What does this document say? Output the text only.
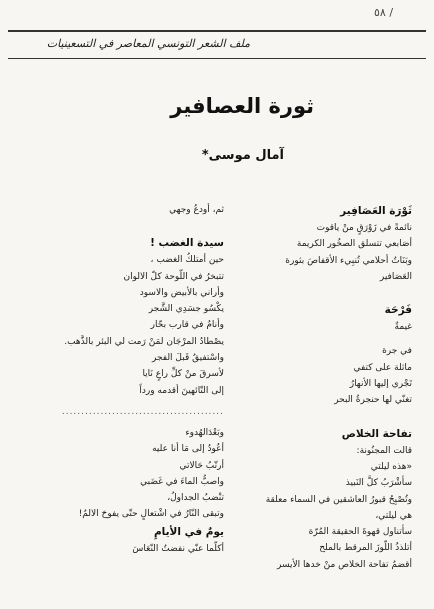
/ ٥٨
ملف الشعر التونسي المعاصر في التسعينيات
ثورة العصافير
آمال موسى*
ثَوْرَة العَصَافِير
نائمةً في زَوْرَقٍ منْ ياقوت
أصَابعي تتسلق الصخُور الكريمة
وبَنَاتُ أحلامي تُنبِيء الأقفاصَ بثورة
العَصَافير
فَرْحَة
غيمةٌ
في جرة
ماثلة على كتفي
تَجْري إليها الأنهارُ
تغنّي لها حنجرةُ البحر
تفاحة الخلاص
قالت المجنُونة:
«هذه ليلتي
سأشْرَبُ كلَّ النَبيذ
وتُصْبِحُ قبورُ العاشقين في السماء معلقة
هي ليلتي،
سأتناول قهوةَ الحقيقة المُرّة
أتلذذُ اللّوزَ المرقط بالملح
أقضمُ تفاحة الخلاص منْ خدها الأيسر
ثم، أودعُ وجهي
سيدة الغضب !
حين أمتلكُ الغضب ،
تتبخرُ في اللّوحة كلّ الالوان
وأراني بالأبيض والاسود
يكْسُو جسَدِي الشَّجر
وأنامُ في قارب بحّار
يصْطادُ المرْجَان لمَنْ رَمت لي البئر بالذَّهب.
واسْتفيقُ قَبلَ الفجر
لأسرقَ منْ كلِّ راعٍ نَايا
إلى التّائهينَ أقدمه ورداً
..........................................
وبَعْدَالهُدوء
أعُودُ إلى مَا أنا عليه
أرتّبُ حَالاتي
واصبُّ الماءَ في غَضَبي
تنْضبُ الجداولُ،
وتبقى النّارُ في اشْتعالٍ حتّى يفوحَ الالمُ!
يومٌ في الأيامِ
أكلّما عنّي نفضتُ النّعَاسَ
